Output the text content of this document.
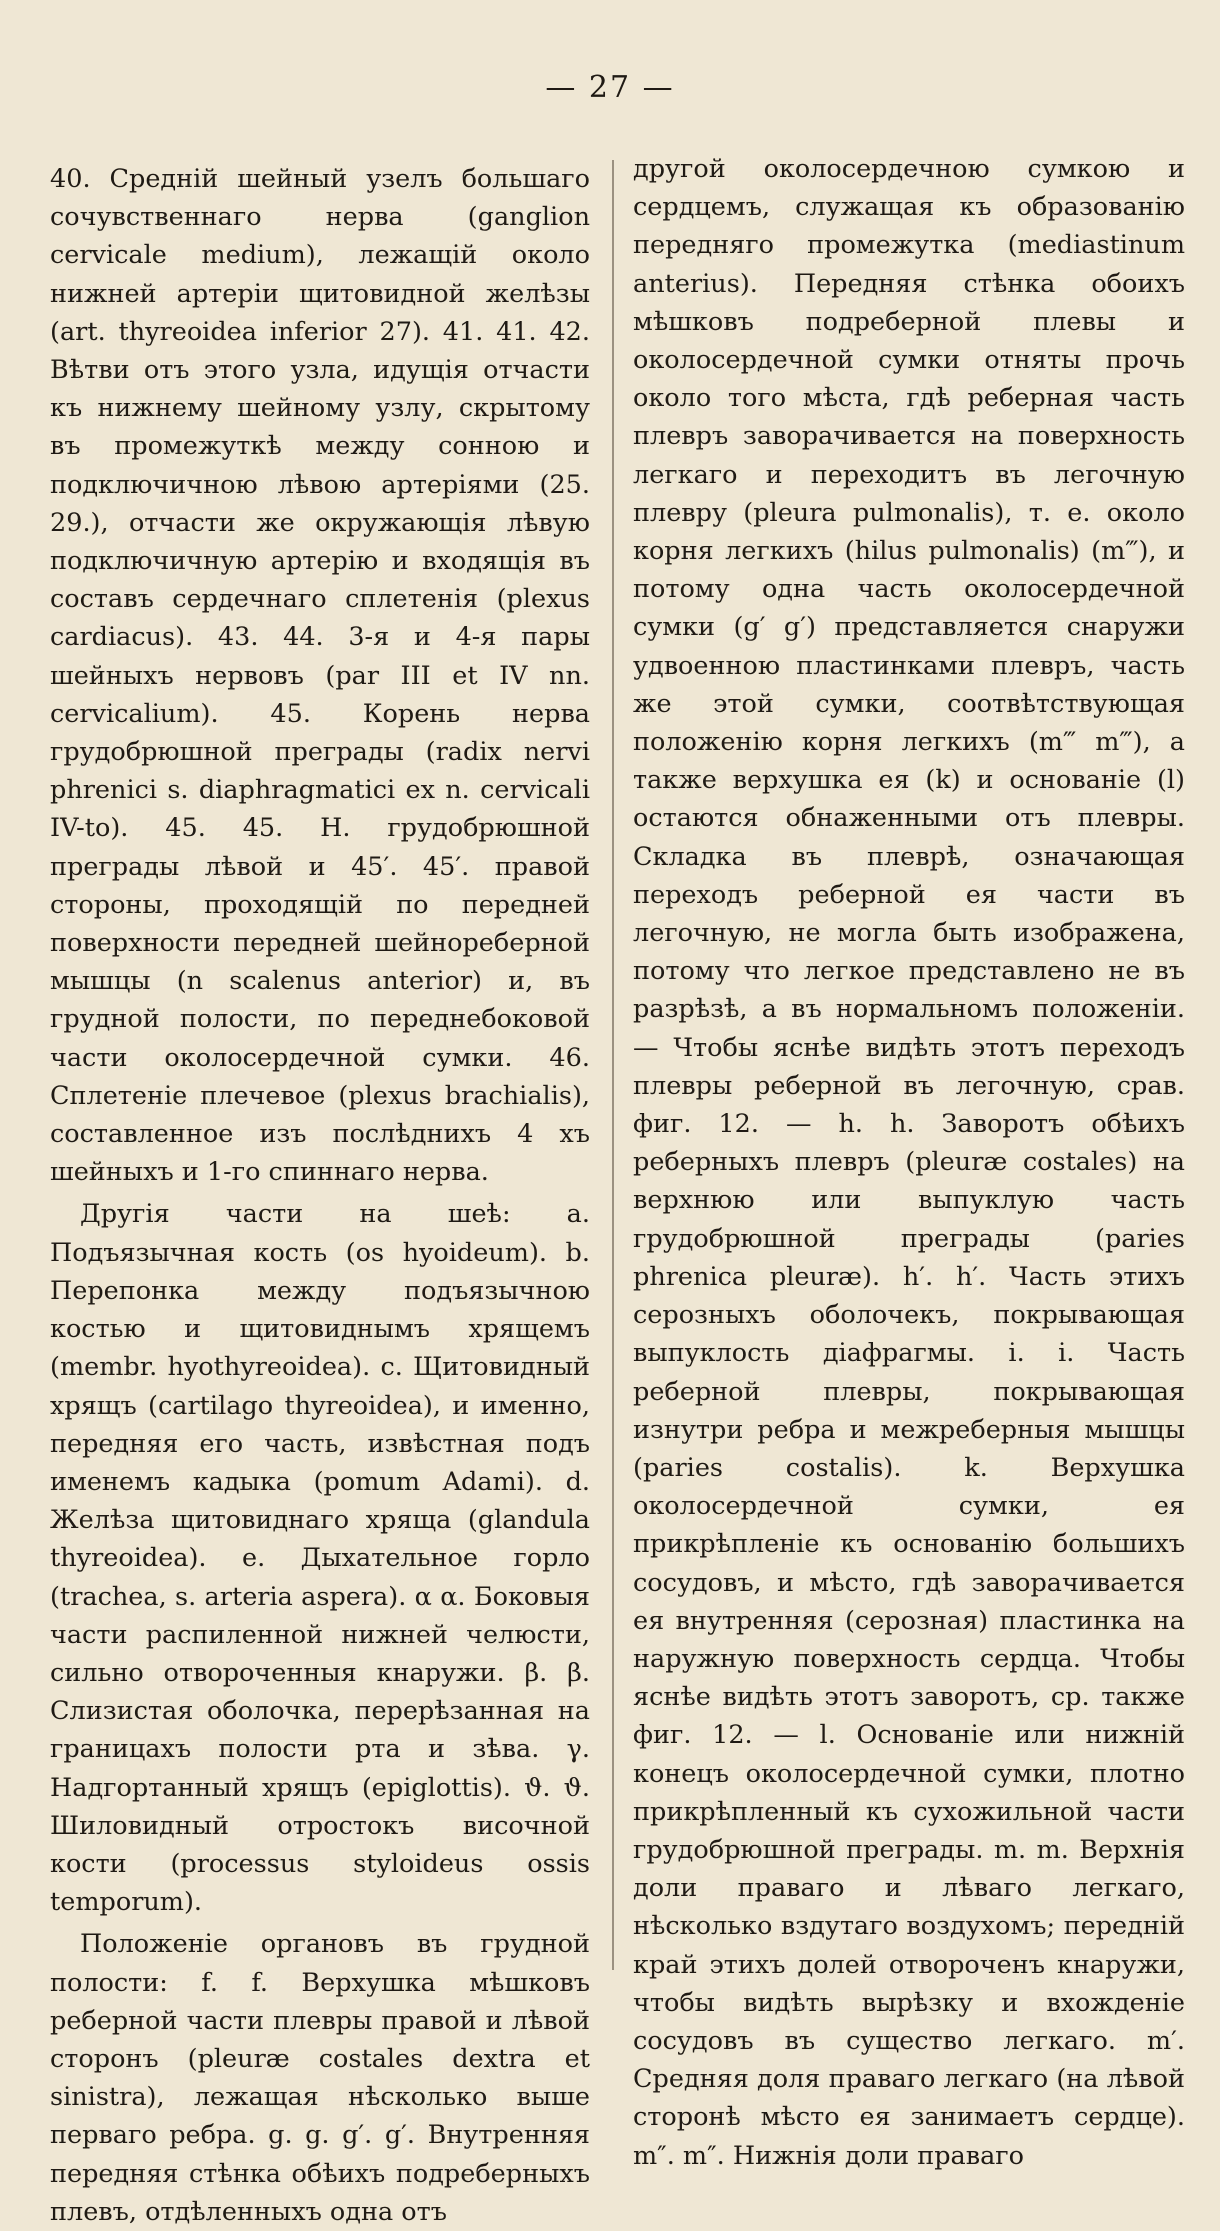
— 27 —

40. Средній шейный узелъ большаго сочувственнаго нерва (ganglion cervicale medium), лежащій около нижней артеріи щитовидной желѣзы (art. thyreoidea inferior 27). 41. 41. 42. Вѣтви отъ этого узла, идущія отчасти къ нижнему шейному узлу, скрытому въ промежуткѣ между сонною и подключичною лѣвою артеріями (25. 29.), отчасти же окружающія лѣвую подключичную артерію и входящія въ составъ сердечнаго сплетенія (plexus cardiacus). 43. 44. 3-я и 4-я пары шейныхъ нервовъ (par III et IV nn. cervicalium). 45. Корень нерва грудобрюшной преграды (radix nervi phrenici s. diaphragmatici ex n. cervicali IV-to). 45. 45. Н. грудобрюшной преграды лѣвой и 45′. 45′. правой стороны, проходящій по передней поверхности передней шейнореберной мышцы (n scalenus anterior) и, въ грудной полости, по переднебоковой части околосердечной сумки. 46. Сплетеніе плечевое (plexus brachialis), составленное изъ послѣднихъ 4 хъ шейныхъ и 1-го спиннаго нерва.

Другія части на шеѣ: a. Подъязычная кость (os hyoideum). b. Перепонка между подъязычною костью и щитовиднымъ хрящемъ (membr. hyothyreoidea). c. Щитовидный хрящъ (cartilago thyreoidea), и именно, передняя его часть, извѣстная подъ именемъ кадыка (pomum Adami). d. Желѣза щитовиднаго хряща (glandula thyreoidea). e. Дыхательное горло (trachea, s. arteria aspera). α α. Боковыя части распиленной нижней челюсти, сильно отвороченныя кнаружи. β. β. Слизистая оболочка, перерѣзанная на границахъ полости рта и зѣва. γ. Надгортанный хрящъ (epiglottis). ϑ. ϑ. Шиловидный отростокъ височной кости (processus styloideus ossis temporum).

Положеніе органовъ въ грудной полости: f. f. Верхушка мѣшковъ реберной части плевры правой и лѣвой сторонъ (pleuræ costales dextra et sinistra), лежащая нѣсколько выше перваго ребра. g. g. g′. g′. Внутренняя передняя стѣнка обѣихъ подреберныхъ плевъ, отдѣленныхъ одна отъ

другой околосердечною сумкою и сердцемъ, служащая къ образованію передняго промежутка (mediastinum anterius). Передняя стѣнка обоихъ мѣшковъ подреберной плевы и околосердечной сумки отняты прочь около того мѣста, гдѣ реберная часть плевръ заворачивается на поверхность легкаго и переходитъ въ легочную плевру (pleura pulmonalis), т. е. около корня легкихъ (hilus pulmonalis) (m‴), и потому одна часть околосердечной сумки (g′ g′) представляется снаружи удвоенною пластинками плевръ, часть же этой сумки, соотвѣтствующая положенію корня легкихъ (m‴ m‴), а также верхушка ея (k) и основаніе (l) остаются обнаженными отъ плевры. Складка въ плеврѣ, означающая переходъ реберной ея части въ легочную, не могла быть изображена, потому что легкое представлено не въ разрѣзѣ, а въ нормальномъ положеніи. — Чтобы яснѣе видѣть этотъ переходъ плевры реберной въ легочную, срав. фиг. 12. — h. h. Заворотъ обѣихъ реберныхъ плевръ (pleuræ costales) на верхнюю или выпуклую часть грудобрюшной преграды (paries phrenica pleuræ). h′. h′. Часть этихъ серозныхъ оболочекъ, покрывающая выпуклость діафрагмы. i. i. Часть реберной плевры, покрывающая изнутри ребра и межреберныя мышцы (paries costalis). k. Верхушка околосердечной сумки, ея прикрѣпленіе къ основанію большихъ сосудовъ, и мѣсто, гдѣ заворачивается ея внутренняя (серозная) пластинка на наружную поверхность сердца. Чтобы яснѣе видѣть этотъ заворотъ, ср. также фиг. 12. — l. Основаніе или нижній конецъ околосердечной сумки, плотно прикрѣпленный къ сухожильной части грудобрюшной преграды. m. m. Верхнія доли праваго и лѣваго легкаго, нѣсколько вздутаго воздухомъ; передній край этихъ долей отвороченъ кнаружи, чтобы видѣть вырѣзку и вхожденіе сосудовъ въ существо легкаго. m′. Средняя доля праваго легкаго (на лѣвой сторонѣ мѣсто ея занимаетъ сердце). m″. m″. Нижнія доли праваго
